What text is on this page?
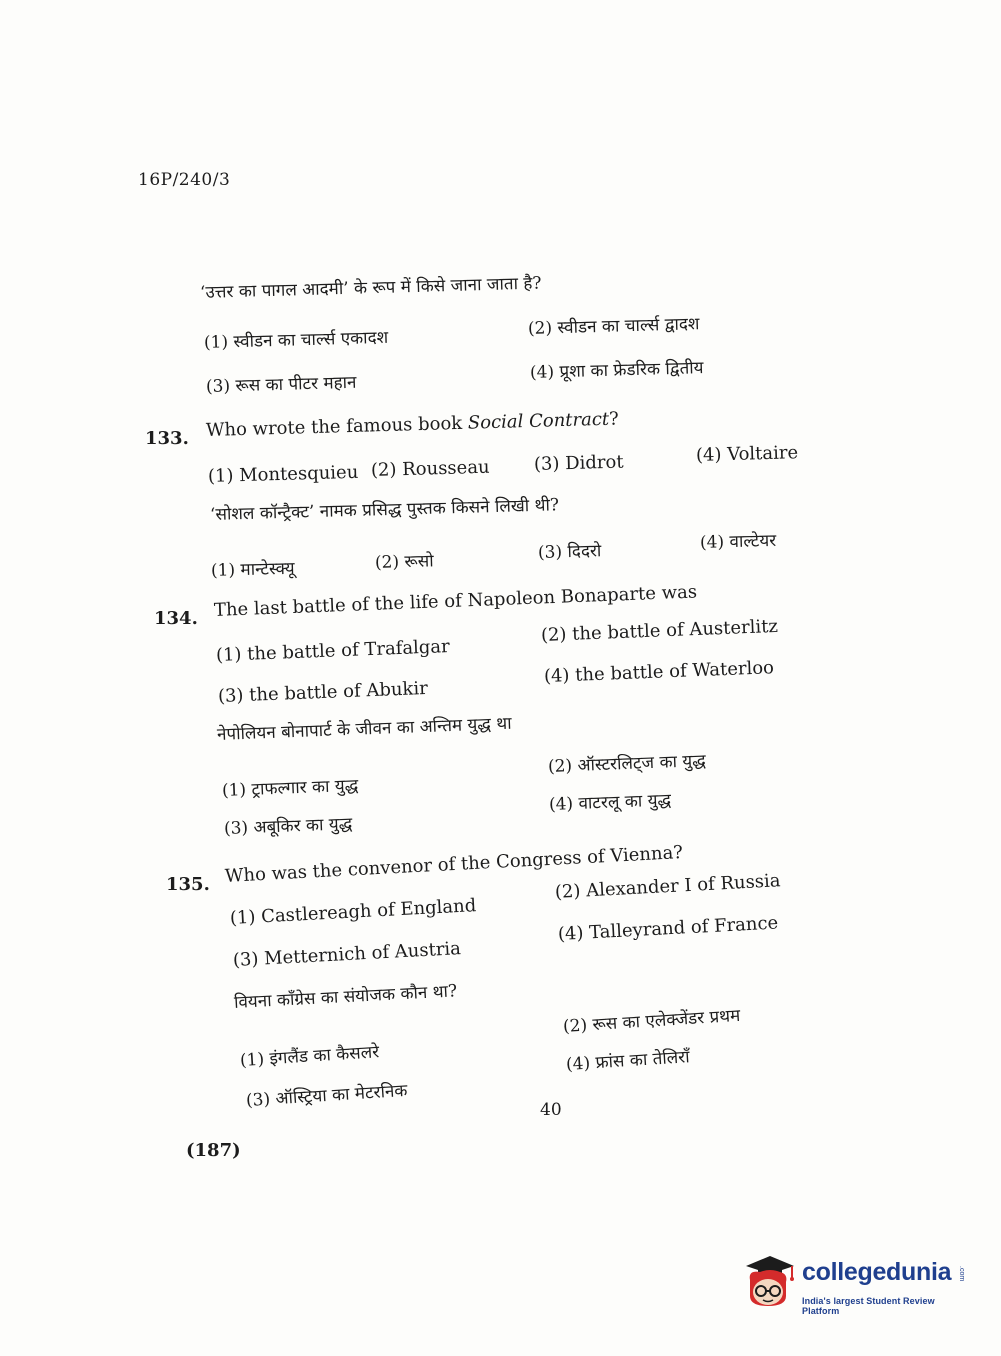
16P/240/3
‘उत्तर का पागल आदमी’ के रूप में किसे जाना जाता है?
(1) स्वीडन का चार्ल्स एकादश
(2) स्वीडन का चार्ल्स द्वादश
(3) रूस का पीटर महान
(4) प्रूशा का फ्रेडरिक द्वितीय
133. Who wrote the famous book Social Contract?
(1) Montesquieu (2) Rousseau (3) Didrot	(4) Voltaire
‘सोशल कॉन्ट्रैक्ट’ नामक प्रसिद्ध पुस्तक किसने लिखी थी?
(1) मान्टेस्क्यू	(2) रूसो	(3) दिदरो	(4) वाल्टेयर
134. The last battle of the life of Napoleon Bonaparte was
(1) the battle of Trafalgar
(2) the battle of Austerlitz
(3) the battle of Abukir
(4) the battle of Waterloo
नेपोलियन बोनापार्ट के जीवन का अन्तिम युद्ध था
(1) ट्राफल्गार का युद्ध
(2) ऑस्टरलिट्ज का युद्ध
(3) अबूकिर का युद्ध
(4) वाटरलू का युद्ध
135. Who was the convenor of the Congress of Vienna?
(1) Castlereagh of England
(2) Alexander I of Russia
(3) Metternich of Austria
(4) Talleyrand of France
वियना कॉंग्रेस का संयोजक कौन था?
(1) इंगलैंड का कैसलरे
(2) रूस का एलेक्जेंडर प्रथम
(3) ऑस्ट्रिया का मेटरनिक
(4) फ्रांस का तेलिराँ
40
(187)
collegedunia .com
India's largest Student Review Platform
